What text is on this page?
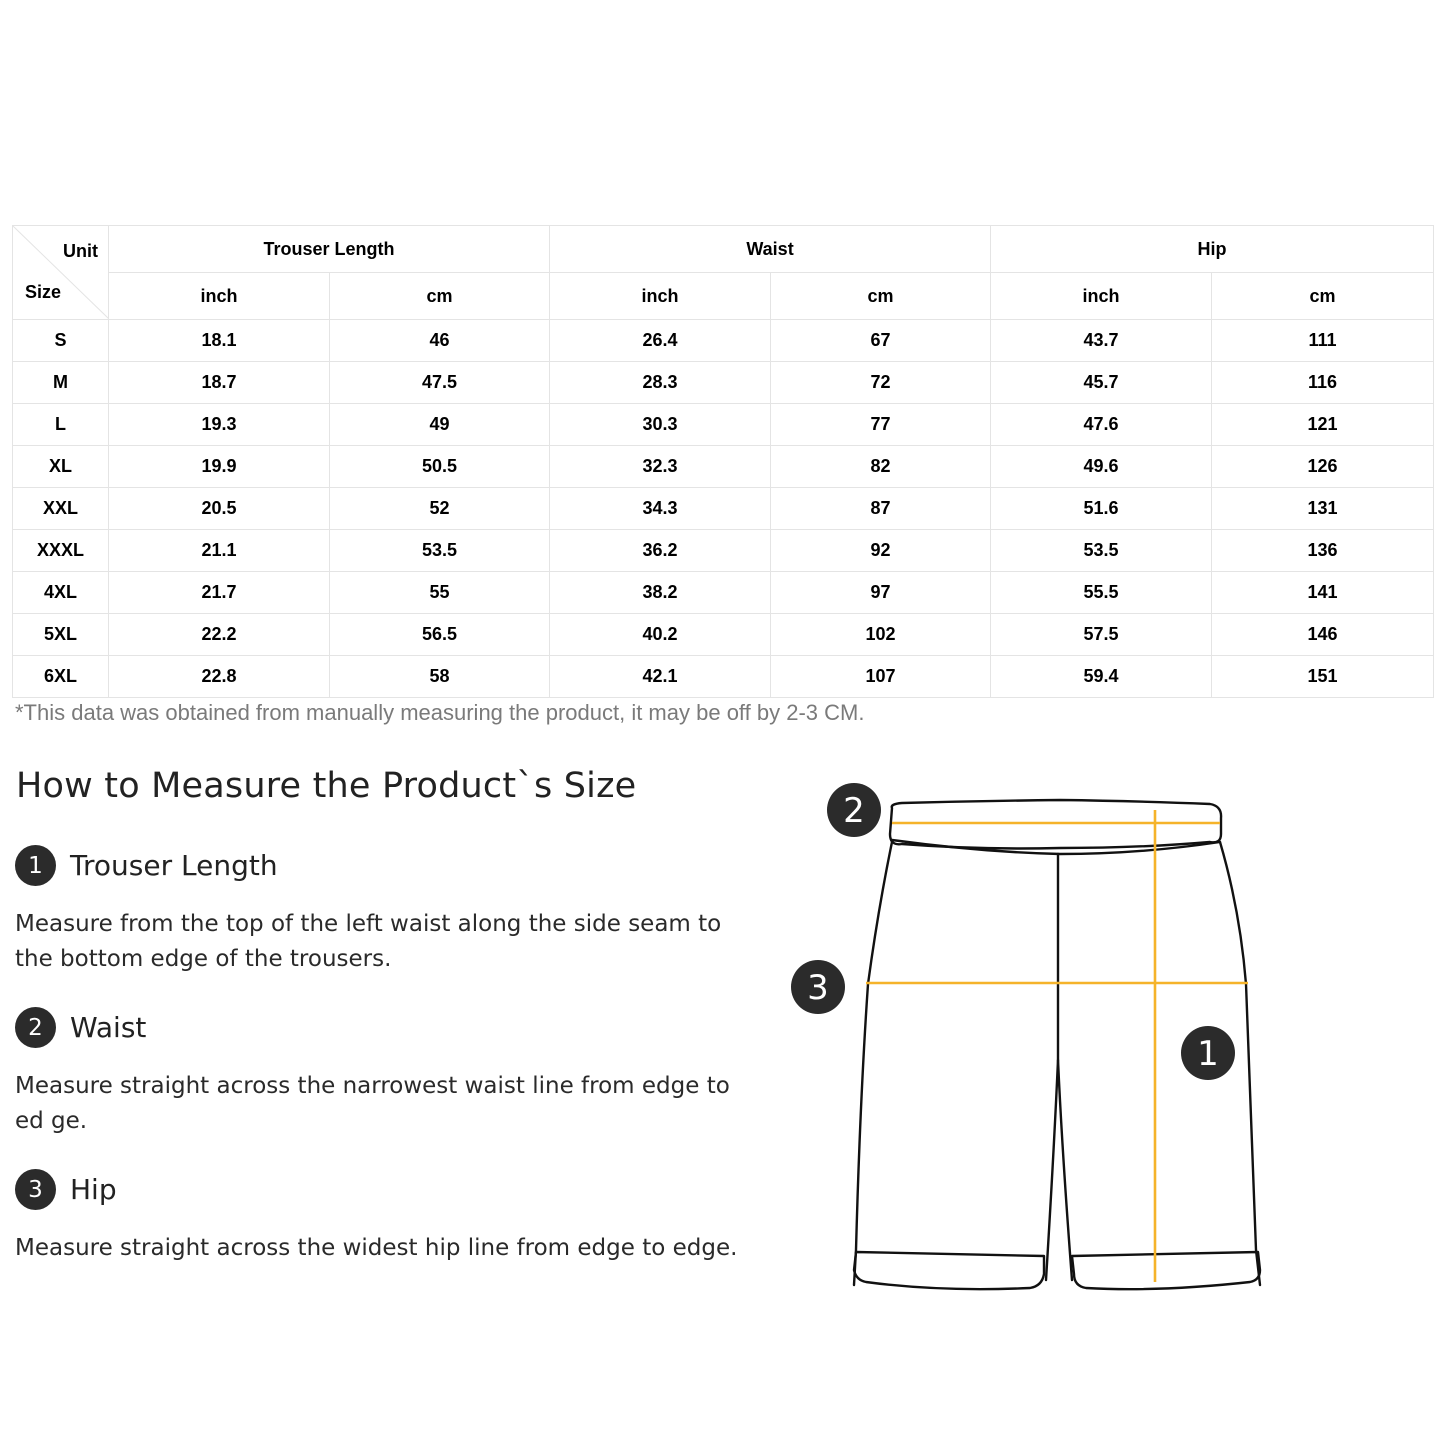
Unit
Size	Trouser Length		Waist		Hip	
	inch	cm	inch	cm	inch	cm
S	18.1	46	26.4	67	43.7	111
M	18.7	47.5	28.3	72	45.7	116
L	19.3	49	30.3	77	47.6	121
XL	19.9	50.5	32.3	82	49.6	126
XXL	20.5	52	34.3	87	51.6	131
XXXL	21.1	53.5	36.2	92	53.5	136
4XL	21.7	55	38.2	97	55.5	141
5XL	22.2	56.5	40.2	102	57.5	146
6XL	22.8	58	42.1	107	59.4	151
*This data was obtained from manually measuring the product, it may be off by 2-3 CM.
How to Measure the Product`s Size
1 Trouser Length
Measure from the top of the left waist along the side seam to the bottom edge of the trousers.
2 Waist
Measure straight across the narrowest waist line from edge to ed ge.
3 Hip
Measure straight across the widest hip line from edge to edge.
2
3
1
